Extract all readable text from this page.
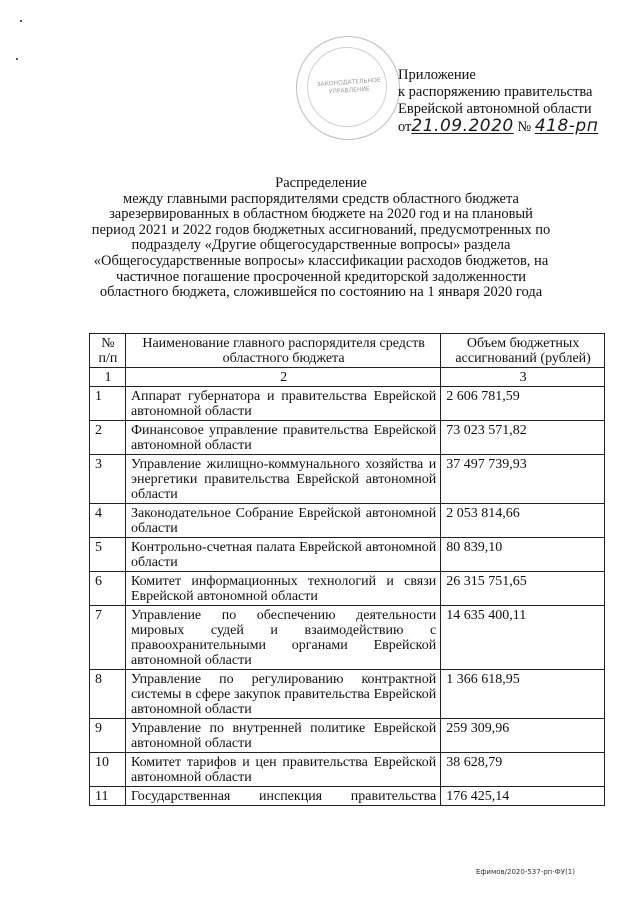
ЗАКОНОДАТЕЛЬНОЕ
УПРАВЛЕНИЕ
Приложение
к распоряжению правительства
Еврейской автономной области
от21.09.2020 № 418-рп
Распределение
между главными распорядителями средств областного бюджета зарезервированных в областном бюджете на 2020 год и на плановый период 2021 и 2022 годов бюджетных ассигнований, предусмотренных по подразделу «Другие общегосударственные вопросы» раздела «Общегосударственные вопросы» классификации расходов бюджетов, на частичное погашение просроченной кредиторской задолженности областного бюджета, сложившейся по состоянию на 1 января 2020 года
№ п/п	Наименование главного распорядителя средств областного бюджета	Объем бюджетных ассигнований (рублей)
1	2	3
1	Аппарат губернатора и правительства Еврейской автономной области	2 606 781,59
2	Финансовое управление правительства Еврейской автономной области	73 023 571,82
3	Управление жилищно-коммунального хозяйства и энергетики правительства Еврейской автономной области	37 497 739,93
4	Законодательное Собрание Еврейской автономной области	2 053 814,66
5	Контрольно-счетная палата Еврейской автономной области	80 839,10
6	Комитет информационных технологий и связи Еврейской автономной области	26 315 751,65
7	Управление по обеспечению деятельности мировых судей и взаимодействию с правоохранительными органами Еврейской автономной области	14 635 400,11
8	Управление по регулированию контрактной системы в сфере закупок правительства Еврейской автономной области	1 366 618,95
9	Управление по внутренней политике Еврейской автономной области	259 309,96
10	Комитет тарифов и цен правительства Еврейской автономной области	38 628,79
11	Государственная инспекция правительства	176 425,14
Ефимов/2020-537-рп-ФУ(1)
